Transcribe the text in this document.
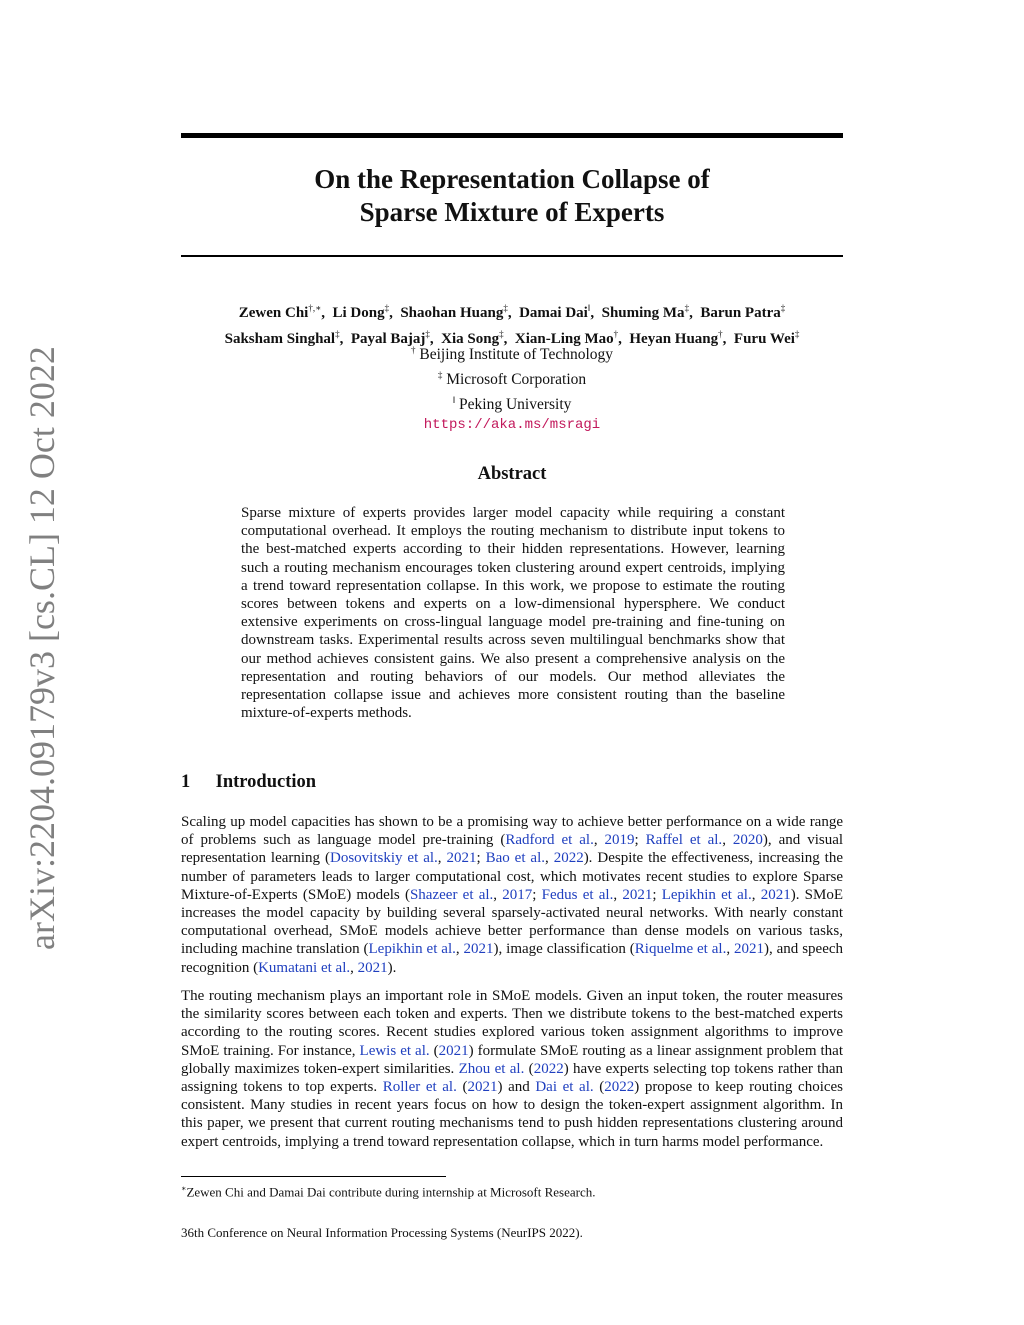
arXiv:2204.09179v3 [cs.CL] 12 Oct 2022
On the Representation Collapse of
Sparse Mixture of Experts
Zewen Chi†,∗, Li Dong‡, Shaohan Huang‡, Damai Dai‖, Shuming Ma‡, Barun Patra‡
Saksham Singhal‡, Payal Bajaj‡, Xia Song‡, Xian-Ling Mao†, Heyan Huang†, Furu Wei‡
† Beijing Institute of Technology
‡ Microsoft Corporation
‖ Peking University
https://aka.ms/msragi
Abstract
Sparse mixture of experts provides larger model capacity while requiring a constant computational overhead. It employs the routing mechanism to distribute input tokens to the best-matched experts according to their hidden representations. However, learning such a routing mechanism encourages token clustering around expert centroids, implying a trend toward representation collapse. In this work, we propose to estimate the routing scores between tokens and experts on a low-dimensional hypersphere. We conduct extensive experiments on cross-lingual language model pre-training and fine-tuning on downstream tasks. Experimental results across seven multilingual benchmarks show that our method achieves consistent gains. We also present a comprehensive analysis on the representation and routing behaviors of our models. Our method alleviates the representation collapse issue and achieves more consistent routing than the baseline mixture-of-experts methods.
1 Introduction
Scaling up model capacities has shown to be a promising way to achieve better performance on a wide range of problems such as language model pre-training (Radford et al., 2019; Raffel et al., 2020), and visual representation learning (Dosovitskiy et al., 2021; Bao et al., 2022). Despite the effectiveness, increasing the number of parameters leads to larger computational cost, which motivates recent studies to explore Sparse Mixture-of-Experts (SMoE) models (Shazeer et al., 2017; Fedus et al., 2021; Lepikhin et al., 2021). SMoE increases the model capacity by building several sparsely-activated neural networks. With nearly constant computational overhead, SMoE models achieve better performance than dense models on various tasks, including machine translation (Lepikhin et al., 2021), image classification (Riquelme et al., 2021), and speech recognition (Kumatani et al., 2021).
The routing mechanism plays an important role in SMoE models. Given an input token, the router measures the similarity scores between each token and experts. Then we distribute tokens to the best-matched experts according to the routing scores. Recent studies explored various token assignment algorithms to improve SMoE training. For instance, Lewis et al. (2021) formulate SMoE routing as a linear assignment problem that globally maximizes token-expert similarities. Zhou et al. (2022) have experts selecting top tokens rather than assigning tokens to top experts. Roller et al. (2021) and Dai et al. (2022) propose to keep routing choices consistent. Many studies in recent years focus on how to design the token-expert assignment algorithm. In this paper, we present that current routing mechanisms tend to push hidden representations clustering around expert centroids, implying a trend toward representation collapse, which in turn harms model performance.
∗Zewen Chi and Damai Dai contribute during internship at Microsoft Research.
36th Conference on Neural Information Processing Systems (NeurIPS 2022).
